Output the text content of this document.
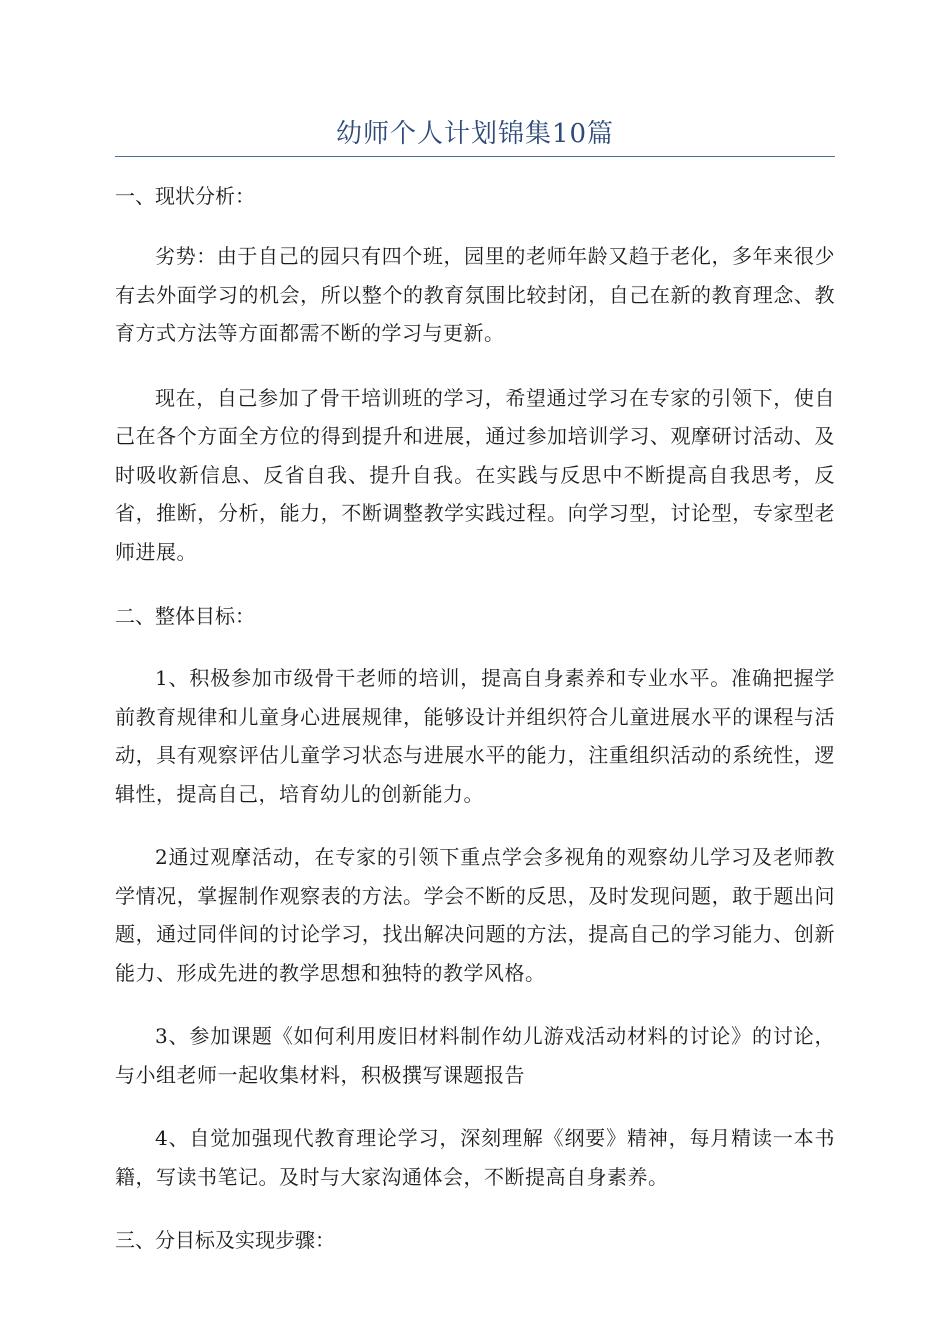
幼师个人计划锦集10篇

一、现状分析：

劣势：由于自己的园只有四个班，园里的老师年龄又趋于老化，多年来很少有去外面学习的机会，所以整个的教育氛围比较封闭，自己在新的教育理念、教育方式方法等方面都需不断的学习与更新。

现在，自己参加了骨干培训班的学习，希望通过学习在专家的引领下，使自己在各个方面全方位的得到提升和进展，通过参加培训学习、观摩研讨活动、及时吸收新信息、反省自我、提升自我。在实践与反思中不断提高自我思考，反省，推断，分析，能力，不断调整教学实践过程。向学习型，讨论型，专家型老师进展。

二、整体目标：

1、积极参加市级骨干老师的培训，提高自身素养和专业水平。准确把握学前教育规律和儿童身心进展规律，能够设计并组织符合儿童进展水平的课程与活动，具有观察评估儿童学习状态与进展水平的能力，注重组织活动的系统性，逻辑性，提高自己，培育幼儿的创新能力。

2通过观摩活动，在专家的引领下重点学会多视角的观察幼儿学习及老师教学情况，掌握制作观察表的方法。学会不断的反思，及时发现问题，敢于题出问题，通过同伴间的讨论学习，找出解决问题的方法，提高自己的学习能力、创新能力、形成先进的教学思想和独特的教学风格。

3、参加课题《如何利用废旧材料制作幼儿游戏活动材料的讨论》的讨论，与小组老师一起收集材料，积极撰写课题报告

4、自觉加强现代教育理论学习，深刻理解《纲要》精神，每月精读一本书籍，写读书笔记。及时与大家沟通体会，不断提高自身素养。

三、分目标及实现步骤：
